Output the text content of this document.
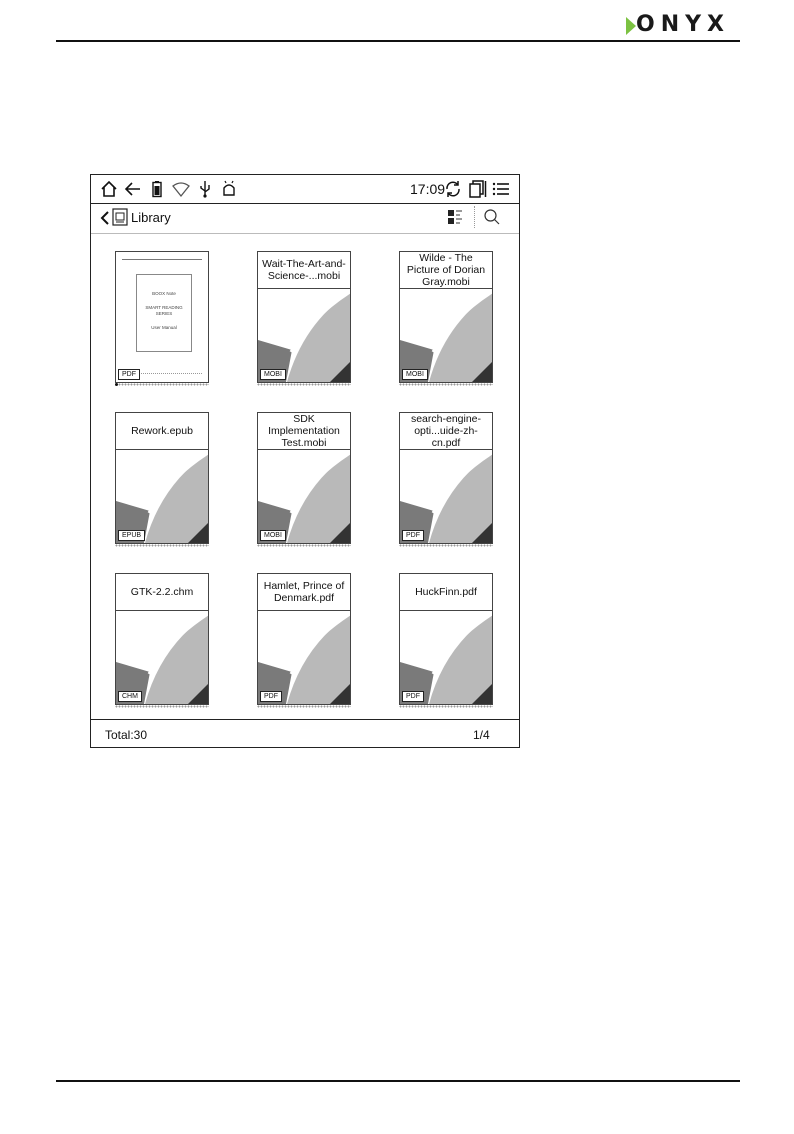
ONYX
17:09
Library
BOOX Note
SMART READING
SERIES
User Manual
PDF
Wait-The-Art-and-Science-...mobi
MOBI
Wilde - The Picture of Dorian Gray.mobi
MOBI
Rework.epub
EPUB
SDK Implementation Test.mobi
MOBI
search-engine-opti...uide-zh-cn.pdf
PDF
GTK-2.2.chm
CHM
Hamlet, Prince of Denmark.pdf
PDF
HuckFinn.pdf
PDF
Total:30	1/4
